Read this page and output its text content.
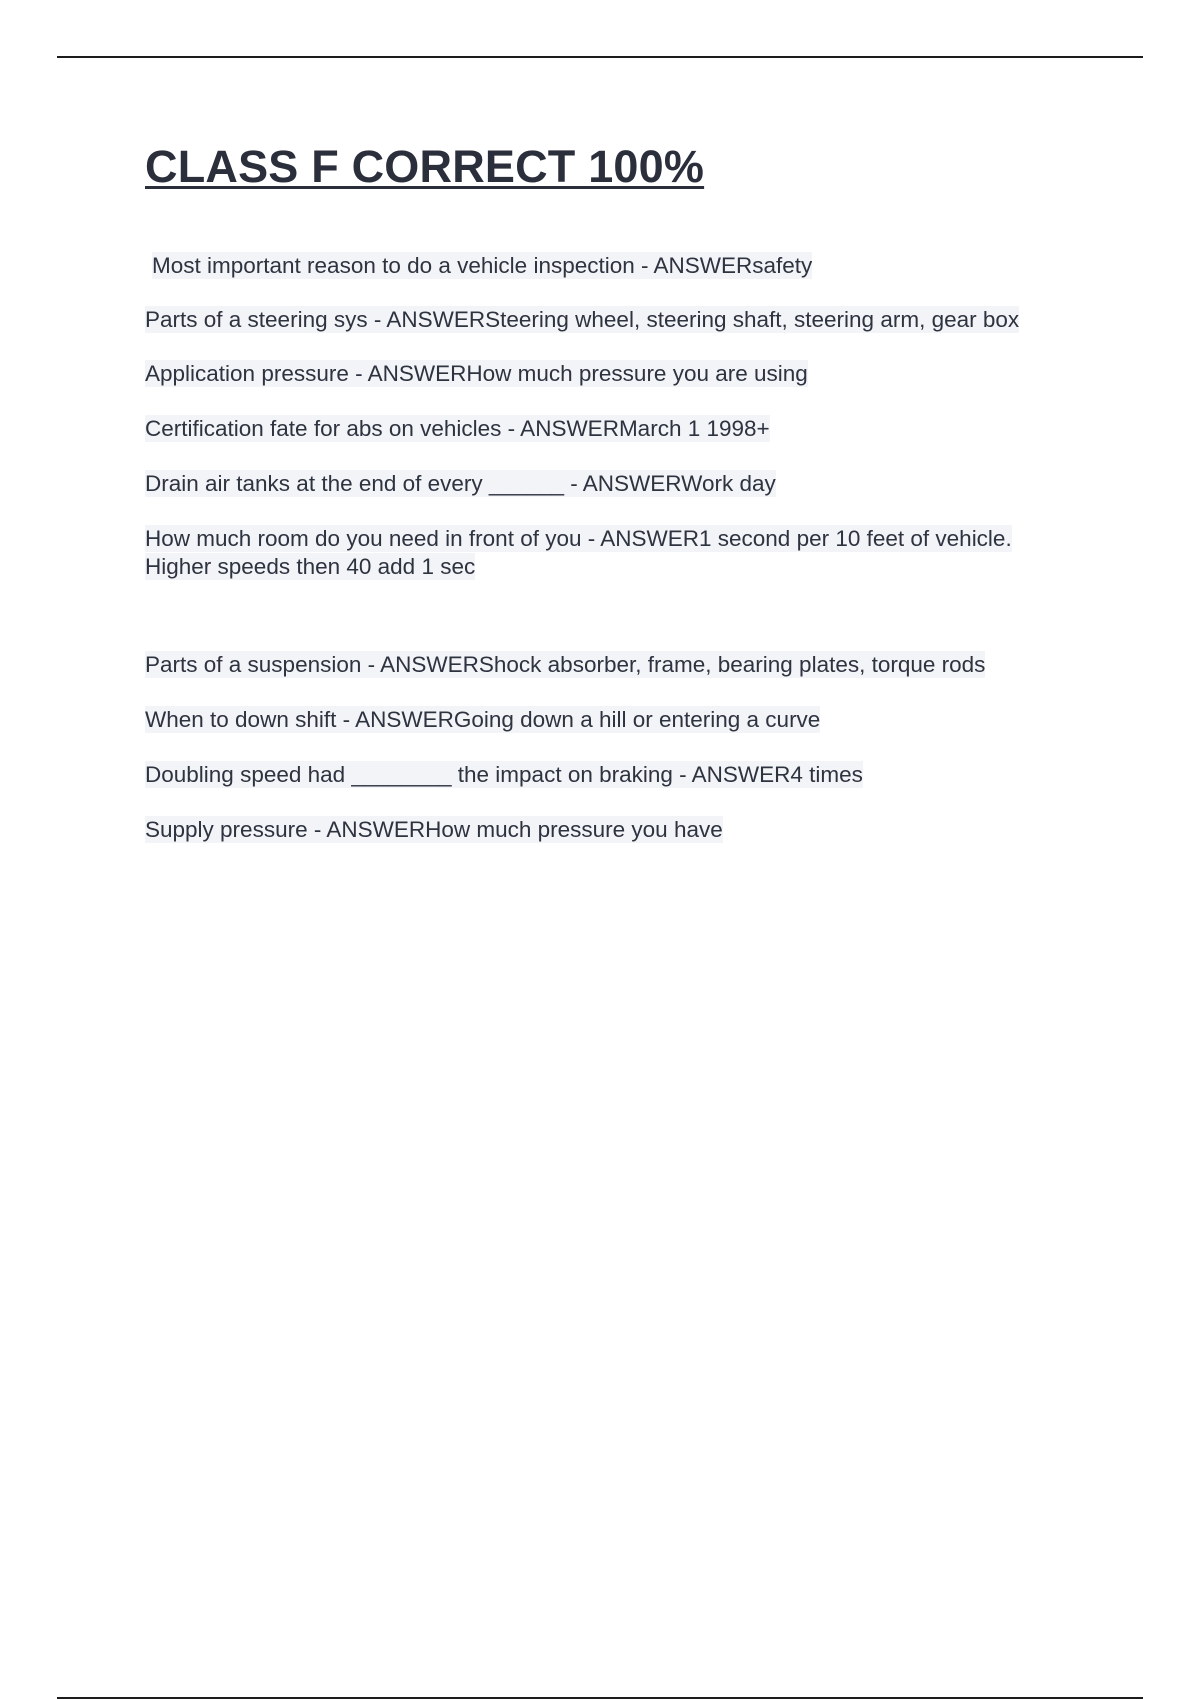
CLASS F CORRECT 100%
Most important reason to do a vehicle inspection - ANSWERsafety
Parts of a steering sys - ANSWERSteering wheel, steering shaft, steering arm, gear box
Application pressure - ANSWERHow much pressure you are using
Certification fate for abs on vehicles - ANSWERMarch 1 1998+
Drain air tanks at the end of every ______ - ANSWERWork day
How much room do you need in front of you - ANSWER1 second per 10 feet of vehicle. Higher speeds then 40 add 1 sec
Parts of a suspension - ANSWERShock absorber, frame, bearing plates, torque rods
When to down shift - ANSWERGoing down a hill or entering a curve
Doubling speed had ________ the impact on braking - ANSWER4 times
Supply pressure - ANSWERHow much pressure you have
